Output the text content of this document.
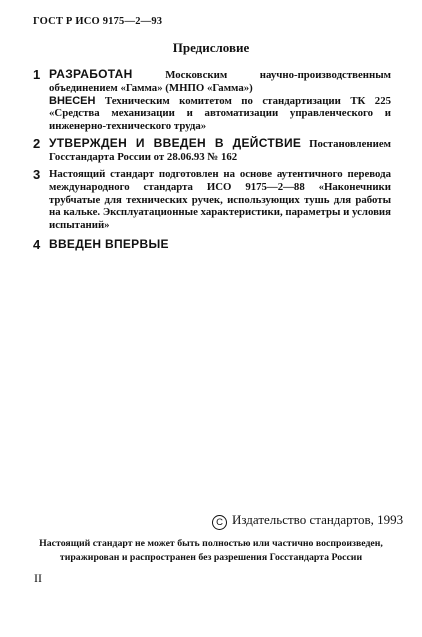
ГОСТ Р ИСО 9175—2—93
Предисловие
1 РАЗРАБОТАН	Московским научно-производственным объединением «Гамма» (МНПО «Гамма»)
ВНЕСЕН Техническим комитетом по стандартизации ТК 225 «Средства механизации и автоматизации управленческого и инженерно-технического труда»
2 УТВЕРЖДЕН И ВВЕДЕН В ДЕЙСТВИЕ Постановлением Госстандарта России от 28.06.93 № 162
3 Настоящий стандарт подготовлен на основе аутентичного перевода международного стандарта ИСО 9175—2—88 «Наконечники трубчатые для технических ручек, использующих тушь для работы на кальке. Эксплуатационные характеристики, параметры и условия испытаний»
4 ВВЕДЕН ВПЕРВЫЕ
C Издательство стандартов, 1993
Настоящий стандарт не может быть полностью или частично воспроизведен,
тиражирован и распространен без разрешения Госстандарта России
II
